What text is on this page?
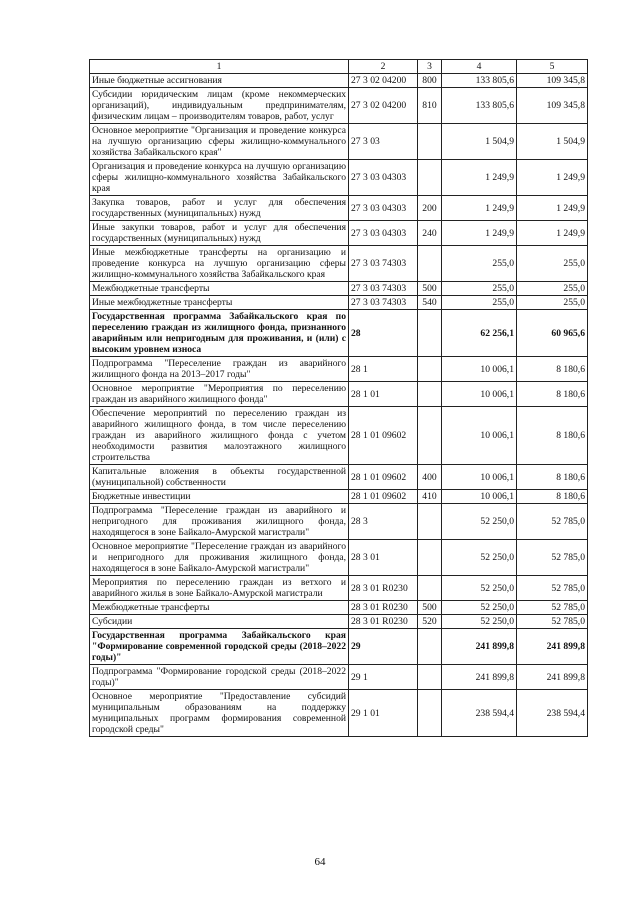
1	2	3	4	5
Иные бюджетные ассигнования	27 3 02 04200	800	133 805,6	109 345,8
Субсидии юридическим лицам (кроме некоммерческих организаций), индивидуальным предпринимателям, физическим лицам – производителям товаров, работ, услуг	27 3 02 04200	810	133 805,6	109 345,8
Основное мероприятие "Организация и проведение конкурса на лучшую организацию сферы жилищно-коммунального хозяйства Забайкальского края"	27 3 03		1 504,9	1 504,9
Организация и проведение конкурса на лучшую организацию сферы жилищно-коммунального хозяйства Забайкальского края	27 3 03 04303		1 249,9	1 249,9
Закупка товаров, работ и услуг для обеспечения государственных (муниципальных) нужд	27 3 03 04303	200	1 249,9	1 249,9
Иные закупки товаров, работ и услуг для обеспечения государственных (муниципальных) нужд	27 3 03 04303	240	1 249,9	1 249,9
Иные межбюджетные трансферты на организацию и проведение конкурса на лучшую организацию сферы жилищно-коммунального хозяйства Забайкальского края	27 3 03 74303		255,0	255,0
Межбюджетные трансферты	27 3 03 74303	500	255,0	255,0
Иные межбюджетные трансферты	27 3 03 74303	540	255,0	255,0
Государственная программа Забайкальского края по переселению граждан из жилищного фонда, признанного аварийным или непригодным для проживания, и (или) с высоким уровнем износа	28		62 256,1	60 965,6
Подпрограмма "Переселение граждан из аварийного жилищного фонда на 2013–2017 годы"	28 1		10 006,1	8 180,6
Основное мероприятие "Мероприятия по переселению граждан из аварийного жилищного фонда"	28 1 01		10 006,1	8 180,6
Обеспечение мероприятий по переселению граждан из аварийного жилищного фонда, в том числе переселению граждан из аварийного жилищного фонда с учетом необходимости развития малоэтажного жилищного строительства	28 1 01 09602		10 006,1	8 180,6
Капитальные вложения в объекты государственной (муниципальной) собственности	28 1 01 09602	400	10 006,1	8 180,6
Бюджетные инвестиции	28 1 01 09602	410	10 006,1	8 180,6
Подпрограмма "Переселение граждан из аварийного и непригодного для проживания жилищного фонда, находящегося в зоне Байкало-Амурской магистрали"	28 3		52 250,0	52 785,0
Основное мероприятие "Переселение граждан из аварийного и непригодного для проживания жилищного фонда, находящегося в зоне Байкало-Амурской магистрали"	28 3 01		52 250,0	52 785,0
Мероприятия по переселению граждан из ветхого и аварийного жилья в зоне Байкало-Амурской магистрали	28 3 01 R0230		52 250,0	52 785,0
Межбюджетные трансферты	28 3 01 R0230	500	52 250,0	52 785,0
Субсидии	28 3 01 R0230	520	52 250,0	52 785,0
Государственная программа Забайкальского края "Формирование современной городской среды (2018–2022 годы)"	29		241 899,8	241 899,8
Подпрограмма "Формирование городской среды (2018–2022 годы)"	29 1		241 899,8	241 899,8
Основное мероприятие "Предоставление субсидий муниципальным образованиям на поддержку муниципальных программ формирования современной городской среды"	29 1 01		238 594,4	238 594,4
64
